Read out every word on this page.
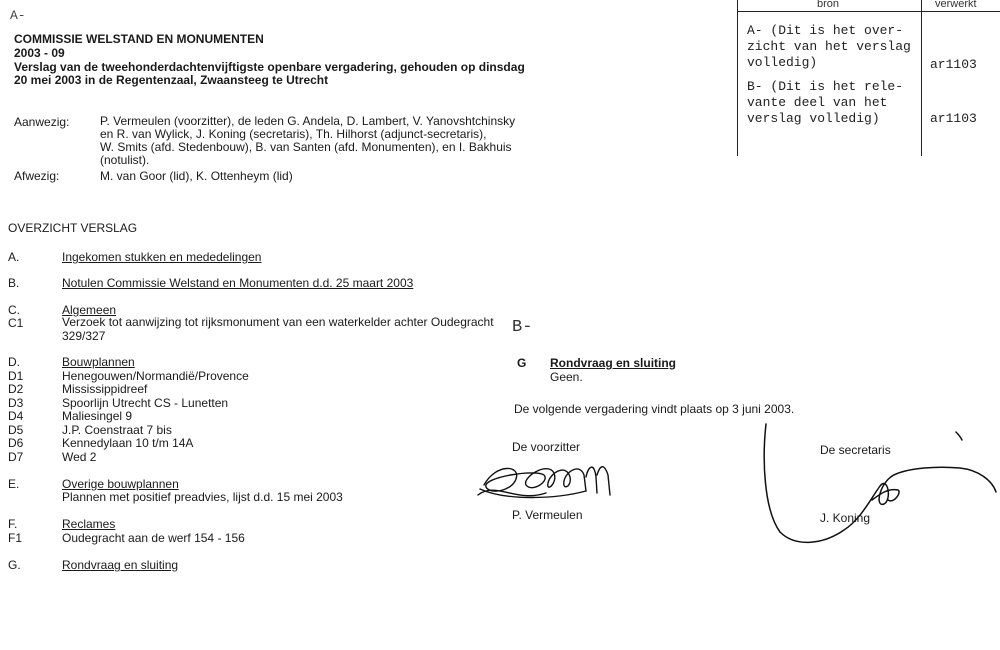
A-
B-
COMMISSIE WELSTAND EN MONUMENTEN
2003 - 09
Verslag van de tweehonderdachtenvijftigste openbare vergadering, gehouden op dinsdag
20 mei 2003 in de Regentenzaal, Zwaansteeg te Utrecht
Aanwezig:	P. Vermeulen (voorzitter), de leden G. Andela, D. Lambert, V. Yanovshtchinsky
en R. van Wylick, J. Koning (secretaris), Th. Hilhorst (adjunct-secretaris),
W. Smits (afd. Stedenbouw), B. van Santen (afd. Monumenten), en I. Bakhuis
(notulist).
Afwezig:	M. van Goor (lid), K. Ottenheym (lid)
OVERZICHT VERSLAG
A.	Ingekomen stukken en mededelingen
B.	Notulen Commissie Welstand en Monumenten d.d. 25 maart 2003
C.	Algemeen
C1	Verzoek tot aanwijzing tot rijksmonument van een waterkelder achter Oudegracht
329/327
D.	Bouwplannen
D1	Henegouwen/Normandië/Provence
D2	Mississippidreef
D3	Spoorlijn Utrecht CS - Lunetten
D4	Maliesingel 9
D5	J.P. Coenstraat 7 bis
D6	Kennedylaan 10 t/m 14A
D7	Wed 2
E.	Overige bouwplannen
Plannen met positief preadvies, lijst d.d. 15 mei 2003
F.	Reclames
F1	Oudegracht aan de werf 154 - 156
G.	Rondvraag en sluiting
G Rondvraag en sluiting
Geen.
De volgende vergadering vindt plaats op 3 juni 2003.
De voorzitter
P. Vermeulen
De secretaris
J. Koning
bron	verwerkt
A- (Dit is het over-
zicht van het verslag
volledig)	ar1103
B- (Dit is het rele-
vante deel van het
verslag volledig)	ar1103
